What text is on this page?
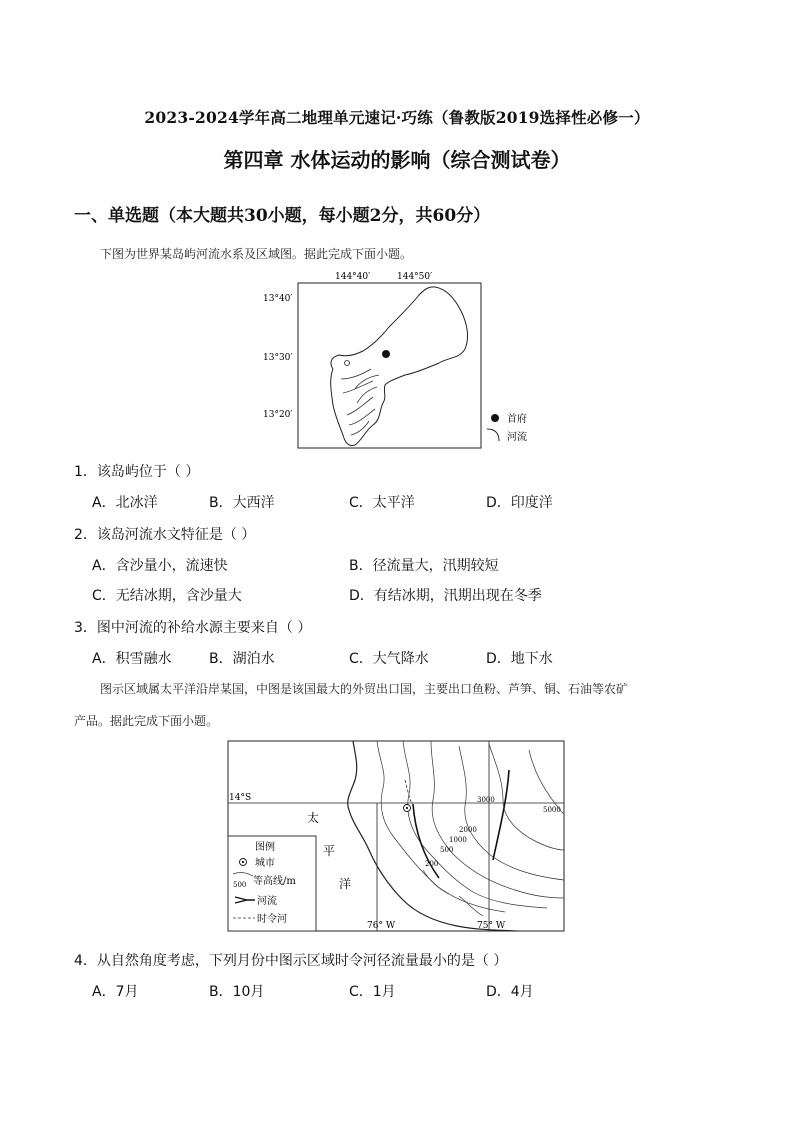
2023-2024学年高二地理单元速记·巧练（鲁教版2019选择性必修一）
第四章 水体运动的影响（综合测试卷）
一、单选题（本大题共30小题，每小题2分，共60分）
下图为世界某岛屿河流水系及区域图。据此完成下面小题。
144°40′	144°50′
13°40′
13°30′
13°20′	首府
河流
1．该岛屿位于（ ）
A．北冰洋	B．大西洋	C．太平洋	D．印度洋
2．该岛河流水文特征是（ ）
A．含沙量小，流速快	B．径流量大，汛期较短
C．无结冰期，含沙量大	D．有结冰期，汛期出现在冬季
3．图中河流的补给水源主要来自（ ）
A．积雪融水	B．湖泊水	C．大气降水	D．地下水
图示区域属太平洋沿岸某国，中图是该国最大的外贸出口国，主要出口鱼粉、芦笋、铜、石油等农矿
产品。据此完成下面小题。
14°S
76° W	75° W
3000
5000
2000
1000
500
200
太
平
洋
图例
城市
500 等高线/m
河流
时令河
4．从自然角度考虑，下列月份中图示区域时令河径流量最小的是（ ）
A．7月	B．10月	C．1月	D．4月
